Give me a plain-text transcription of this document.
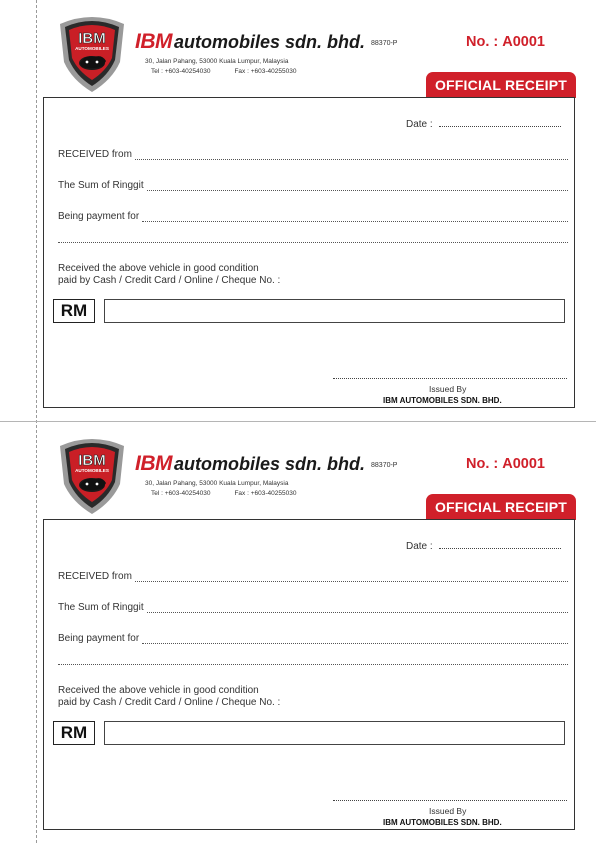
IBM
AUTOMOBILES IBM automobiles sdn. bhd. 88370-P
30, Jalan Pahang, 53000 Kuala Lumpur, Malaysia
Tel : +603-40254030	Fax : +603-40255030
No. : A0001
OFFICIAL RECEIPT
Date :
RECEIVED from
The Sum of Ringgit
Being payment for
Received the above vehicle in good condition
paid by Cash / Credit Card / Online / Cheque No. :
RM
Issued By
IBM AUTOMOBILES SDN. BHD.
IBM
AUTOMOBILES IBM automobiles sdn. bhd. 88370-P
30, Jalan Pahang, 53000 Kuala Lumpur, Malaysia
Tel : +603-40254030	Fax : +603-40255030
No. : A0001
OFFICIAL RECEIPT
Date :
RECEIVED from
The Sum of Ringgit
Being payment for
Received the above vehicle in good condition
paid by Cash / Credit Card / Online / Cheque No. :
RM
Issued By
IBM AUTOMOBILES SDN. BHD.
